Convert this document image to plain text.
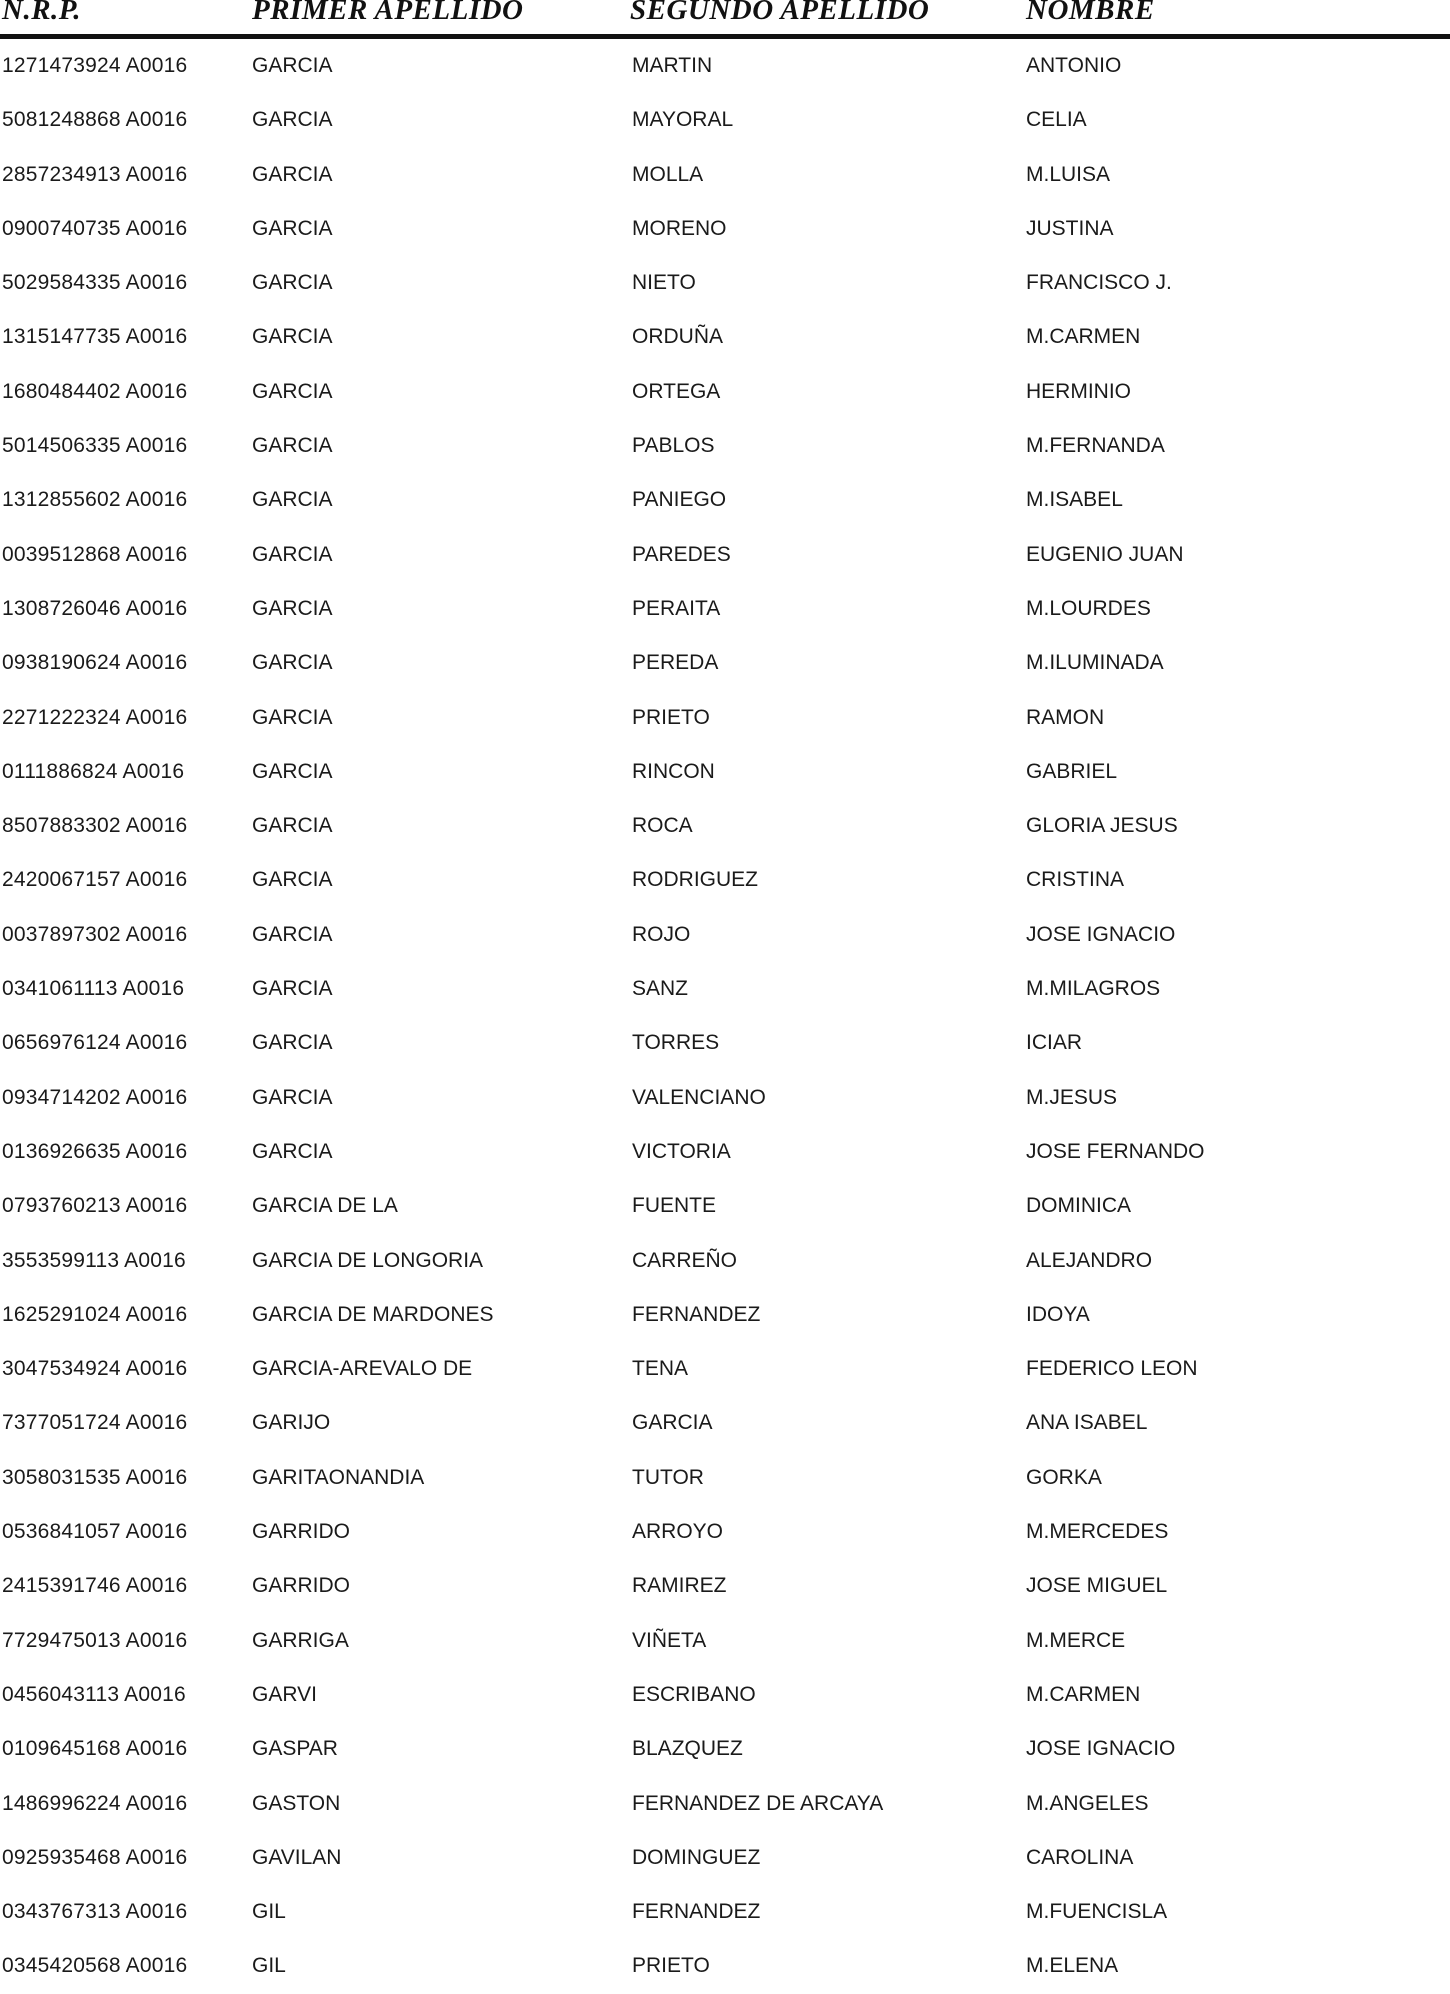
N.R.P.	PRIMER APELLIDO	SEGUNDO APELLIDO	NOMBRE
1271473924 A0016	GARCIA	MARTIN	ANTONIO
5081248868 A0016	GARCIA	MAYORAL	CELIA
2857234913 A0016	GARCIA	MOLLA	M.LUISA
0900740735 A0016	GARCIA	MORENO	JUSTINA
5029584335 A0016	GARCIA	NIETO	FRANCISCO J.
1315147735 A0016	GARCIA	ORDUÑA	M.CARMEN
1680484402 A0016	GARCIA	ORTEGA	HERMINIO
5014506335 A0016	GARCIA	PABLOS	M.FERNANDA
1312855602 A0016	GARCIA	PANIEGO	M.ISABEL
0039512868 A0016	GARCIA	PAREDES	EUGENIO JUAN
1308726046 A0016	GARCIA	PERAITA	M.LOURDES
0938190624 A0016	GARCIA	PEREDA	M.ILUMINADA
2271222324 A0016	GARCIA	PRIETO	RAMON
0111886824 A0016	GARCIA	RINCON	GABRIEL
8507883302 A0016	GARCIA	ROCA	GLORIA JESUS
2420067157 A0016	GARCIA	RODRIGUEZ	CRISTINA
0037897302 A0016	GARCIA	ROJO	JOSE IGNACIO
0341061113 A0016	GARCIA	SANZ	M.MILAGROS
0656976124 A0016	GARCIA	TORRES	ICIAR
0934714202 A0016	GARCIA	VALENCIANO	M.JESUS
0136926635 A0016	GARCIA	VICTORIA	JOSE FERNANDO
0793760213 A0016	GARCIA DE LA	FUENTE	DOMINICA
3553599113 A0016	GARCIA DE LONGORIA	CARREÑO	ALEJANDRO
1625291024 A0016	GARCIA DE MARDONES	FERNANDEZ	IDOYA
3047534924 A0016	GARCIA-AREVALO DE	TENA	FEDERICO LEON
7377051724 A0016	GARIJO	GARCIA	ANA ISABEL
3058031535 A0016	GARITAONANDIA	TUTOR	GORKA
0536841057 A0016	GARRIDO	ARROYO	M.MERCEDES
2415391746 A0016	GARRIDO	RAMIREZ	JOSE MIGUEL
7729475013 A0016	GARRIGA	VIÑETA	M.MERCE
0456043113 A0016	GARVI	ESCRIBANO	M.CARMEN
0109645168 A0016	GASPAR	BLAZQUEZ	JOSE IGNACIO
1486996224 A0016	GASTON	FERNANDEZ DE ARCAYA	M.ANGELES
0925935468 A0016	GAVILAN	DOMINGUEZ	CAROLINA
0343767313 A0016	GIL	FERNANDEZ	M.FUENCISLA
0345420568 A0016	GIL	PRIETO	M.ELENA
